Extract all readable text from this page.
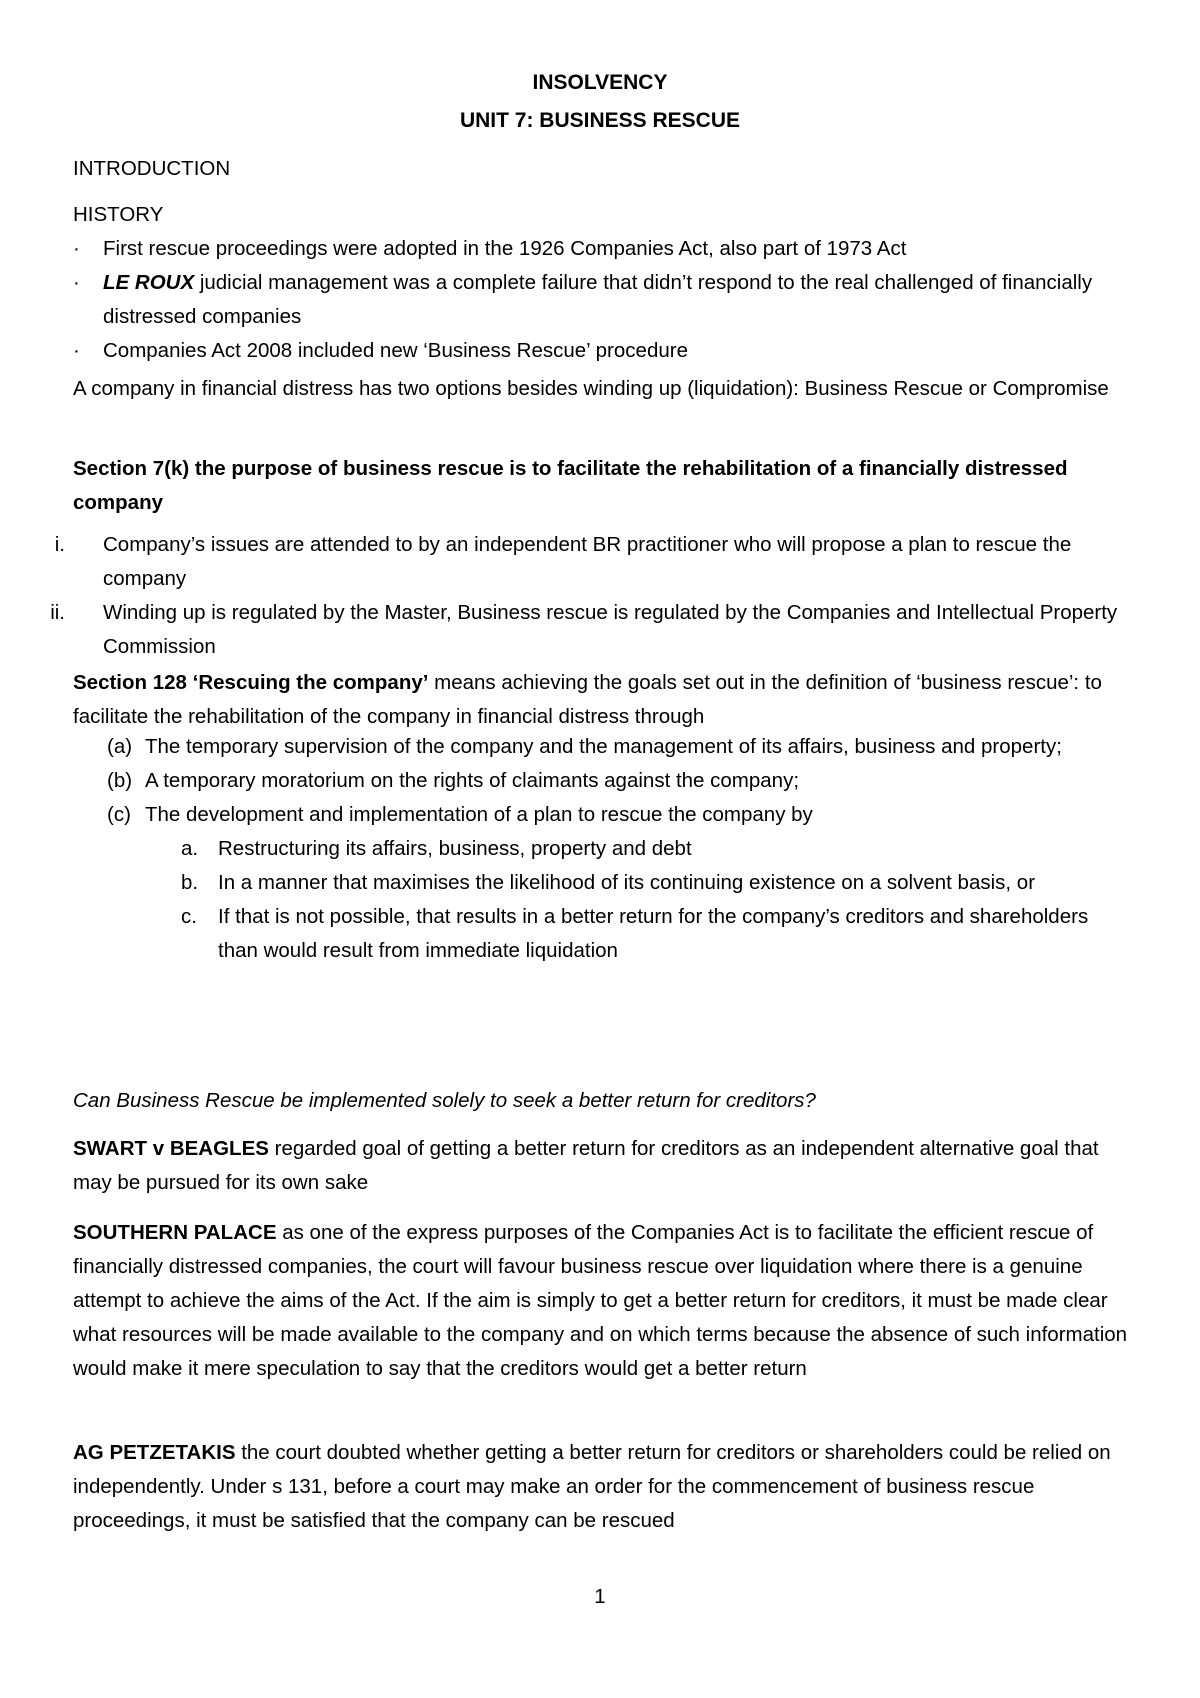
INSOLVENCY
UNIT 7: BUSINESS RESCUE
INTRODUCTION
HISTORY
· First rescue proceedings were adopted in the 1926 Companies Act, also part of 1973 Act
· LE ROUX judicial management was a complete failure that didn’t respond to the real challenged of financially distressed companies
· Companies Act 2008 included new ‘Business Rescue’ procedure
A company in financial distress has two options besides winding up (liquidation): Business Rescue or Compromise
Section 7(k) the purpose of business rescue is to facilitate the rehabilitation of a financially distressed company
i. Company’s issues are attended to by an independent BR practitioner who will propose a plan to rescue the company
ii. Winding up is regulated by the Master, Business rescue is regulated by the Companies and Intellectual Property Commission
Section 128 ‘Rescuing the company’ means achieving the goals set out in the definition of ‘business rescue’: to facilitate the rehabilitation of the company in financial distress through
(a) The temporary supervision of the company and the management of its affairs, business and property;
(b) A temporary moratorium on the rights of claimants against the company;
(c) The development and implementation of a plan to rescue the company by
a. Restructuring its affairs, business, property and debt
b. In a manner that maximises the likelihood of its continuing existence on a solvent basis, or
c. If that is not possible, that results in a better return for the company’s creditors and shareholders than would result from immediate liquidation
Can Business Rescue be implemented solely to seek a better return for creditors?
SWART v BEAGLES regarded goal of getting a better return for creditors as an independent alternative goal that may be pursued for its own sake
SOUTHERN PALACE as one of the express purposes of the Companies Act is to facilitate the efficient rescue of financially distressed companies, the court will favour business rescue over liquidation where there is a genuine attempt to achieve the aims of the Act. If the aim is simply to get a better return for creditors, it must be made clear what resources will be made available to the company and on which terms because the absence of such information would make it mere speculation to say that the creditors would get a better return
AG PETZETAKIS the court doubted whether getting a better return for creditors or shareholders could be relied on independently. Under s 131, before a court may make an order for the commencement of business rescue proceedings, it must be satisfied that the company can be rescued
1
